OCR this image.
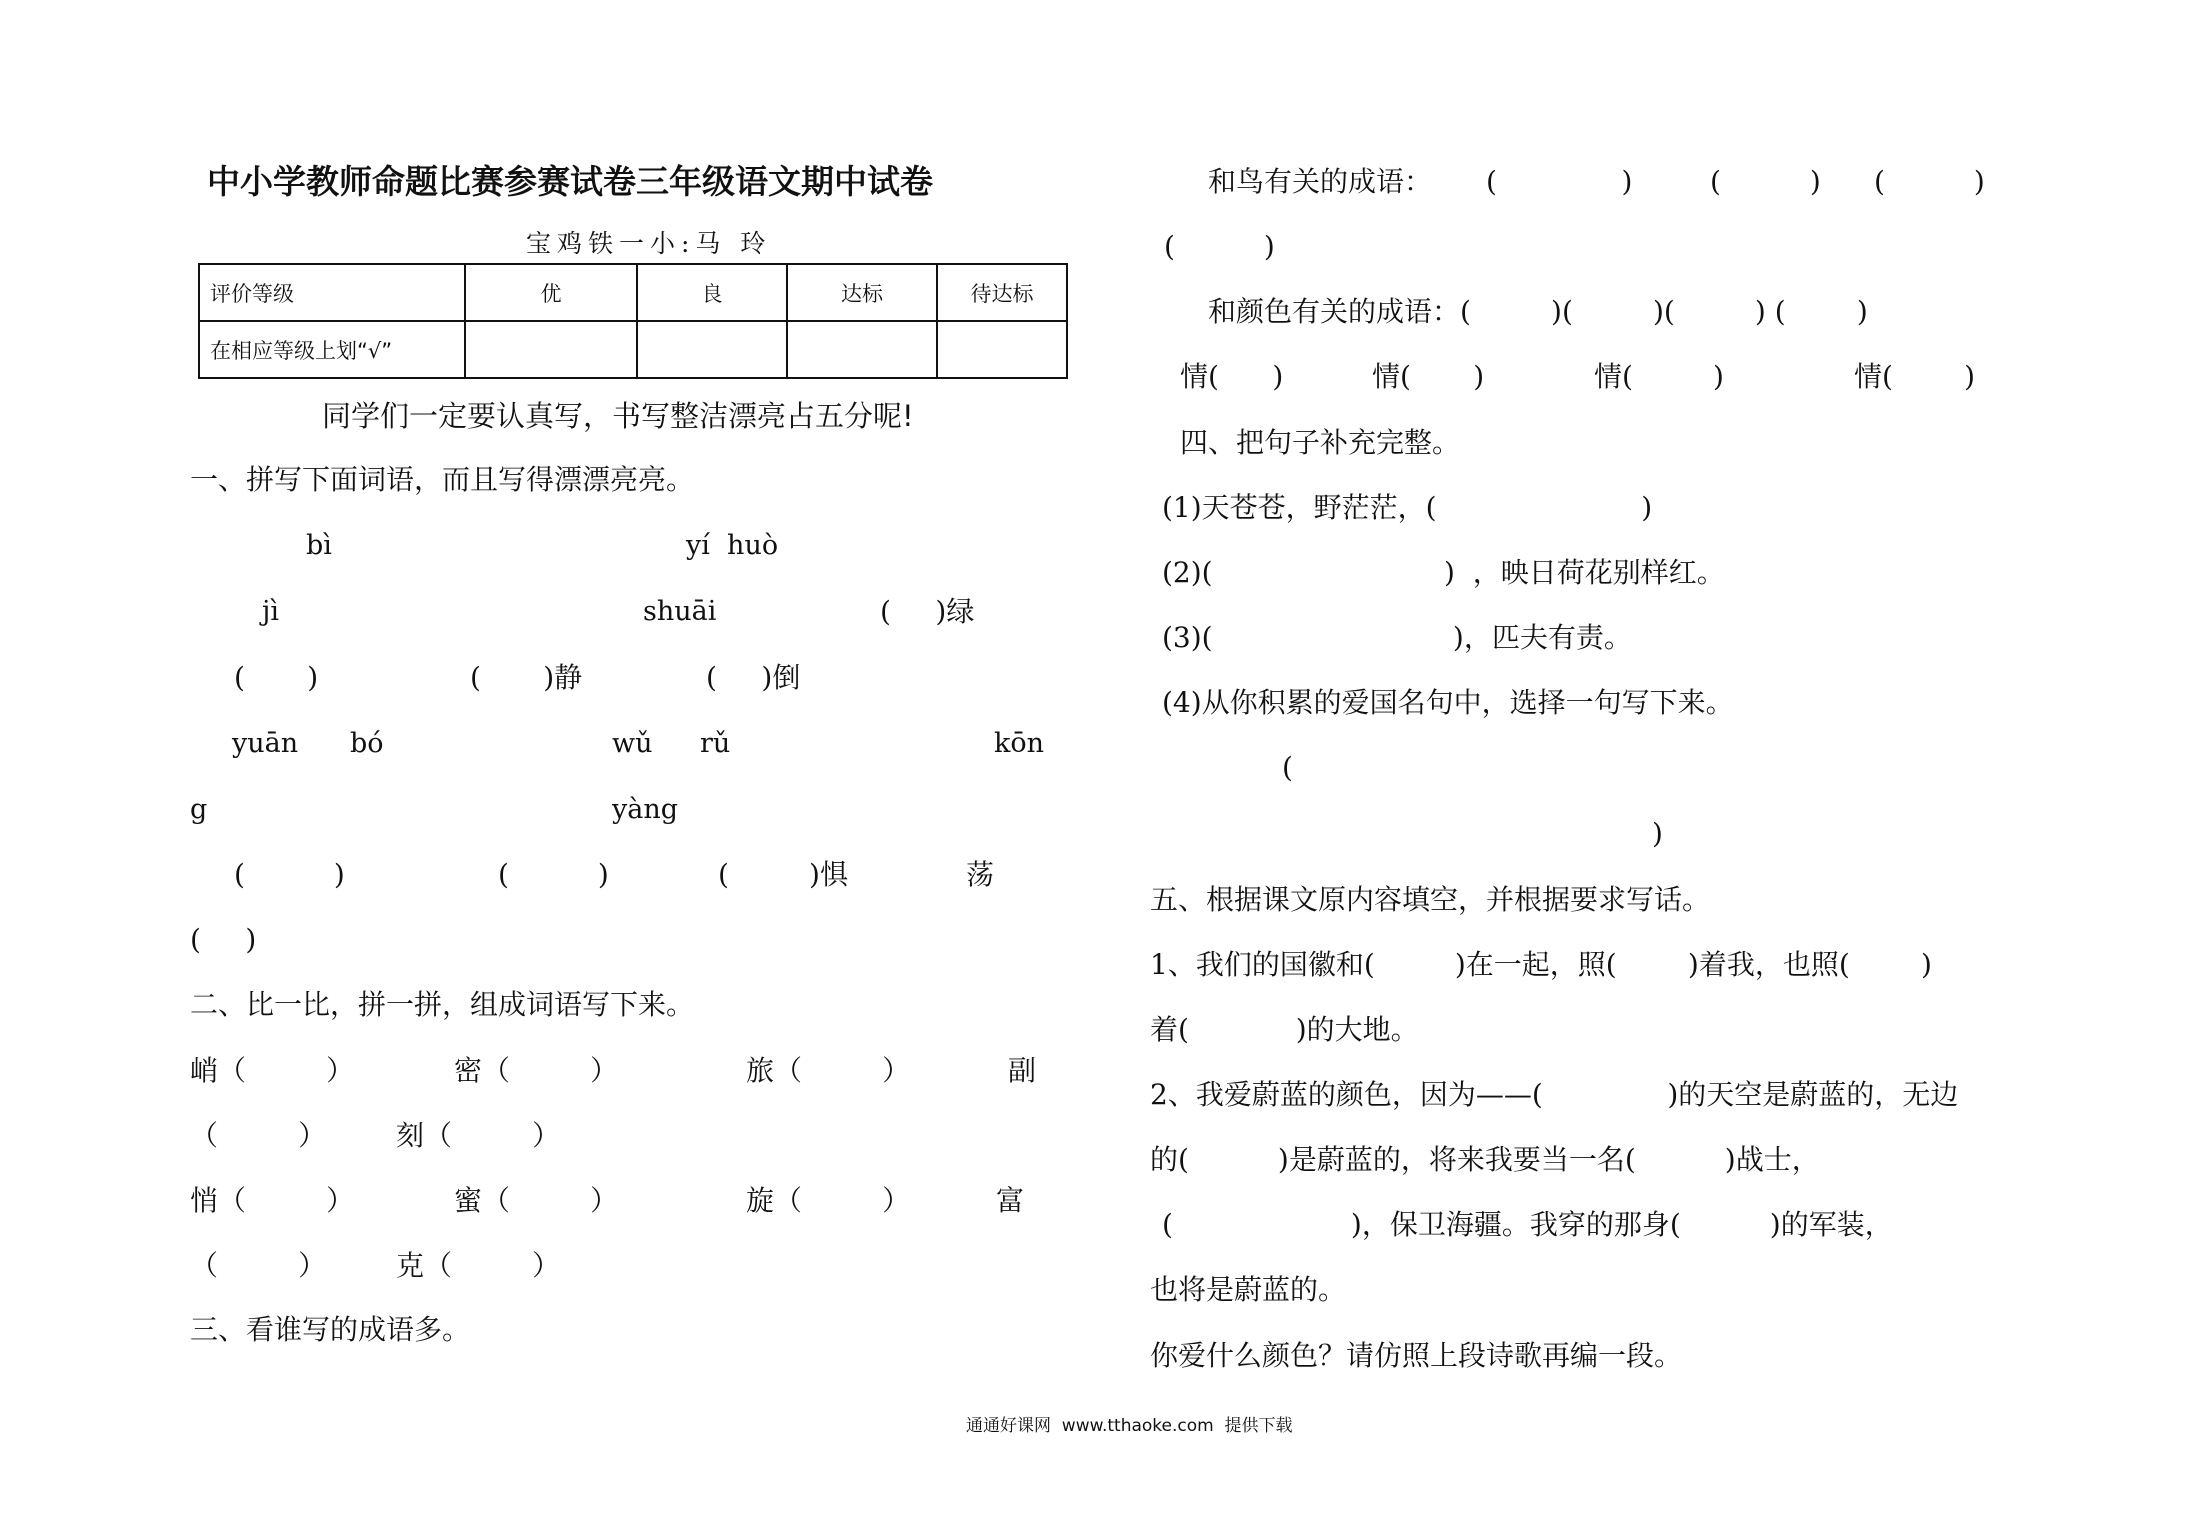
中小学教师命题比赛参赛试卷三年级语文期中试卷
宝鸡铁一小:马 玲
评价等级	优	良	达标	待达标
在相应等级上划“√”				
同学们一定要认真写，书写整洁漂亮占五分呢!
一、拼写下面词语，而且写得漂漂亮亮。
bì	yí  huò
jì	shuāi	(     )绿
(       )	(       )静	(     )倒
yuān bó	wǔ rǔ	kōn
g	yàng
(          )	(          )	(         )惧	荡
(     )
二、比一比，拼一拼，组成词语写下来。
峭（         ）	密（         ）	旅（         ）	副
（         ） 刻（         ）
悄（         ）	蜜（         ）	旋（         ）	富
（         ） 克（         ）
三、看谁写的成语多。
和鸟有关的成语： (              )	(          ) (          )
(          )
和颜色有关的成语：(         )(         )(         ) (        )
情(      )	情(       )	情(         )	情(        )
四、把句子补充完整。
(1)天苍苍，野茫茫，(                       )
(2)(                          )  ，映日荷花别样红。
(3)(                           )，匹夫有责。
(4)从你积累的爱国名句中，选择一句写下来。
(
)
五、根据课文原内容填空，并根据要求写话。
1、我们的国徽和(         )在一起，照(        )着我，也照(        )
着(            )的大地。
2、我爱蔚蓝的颜色，因为——(              )的天空是蔚蓝的，无边
的(          )是蔚蓝的，将来我要当一名(          )战士，
(                    )，保卫海疆。我穿的那身(          )的军装，
也将是蔚蓝的。
你爱什么颜色？请仿照上段诗歌再编一段。
通通好课网  www.tthaoke.com  提供下载
